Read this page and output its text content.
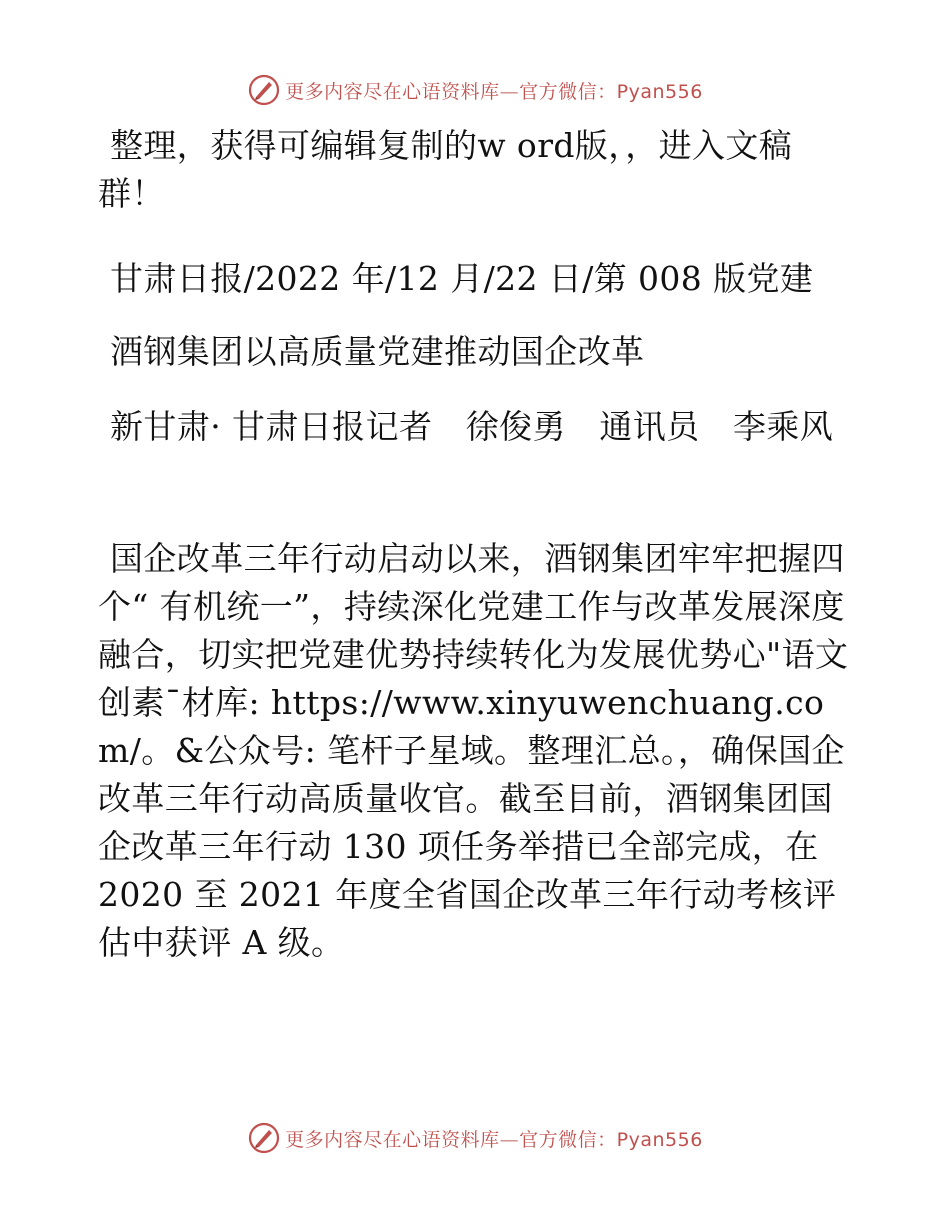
更多内容尽在心语资料库—官方微信：Pyan556

整理，获得可编辑复制的w ord版，，进入文稿群！

甘肃日报/2022 年/12 月/22 日/第 008 版党建

酒钢集团以高质量党建推动国企改革

新甘肃· 甘肃日报记者　徐俊勇　通讯员　李乘风

国企改革三年行动启动以来，酒钢集团牢牢把握四个“ 有机统一”，持续深化党建工作与改革发展深度融合，切实把党建优势持续转化为发展优势心"语文创素¯材库: https://www.xinyuwenchuang.com/。&公众号: 笔杆子星域。整理汇总。，确保国企改革三年行动高质量收官。截至目前，酒钢集团国企改革三年行动 130 项任务举措已全部完成，在 2020 至 2021 年度全省国企改革三年行动考核评估中获评 A 级。

更多内容尽在心语资料库—官方微信：Pyan556
